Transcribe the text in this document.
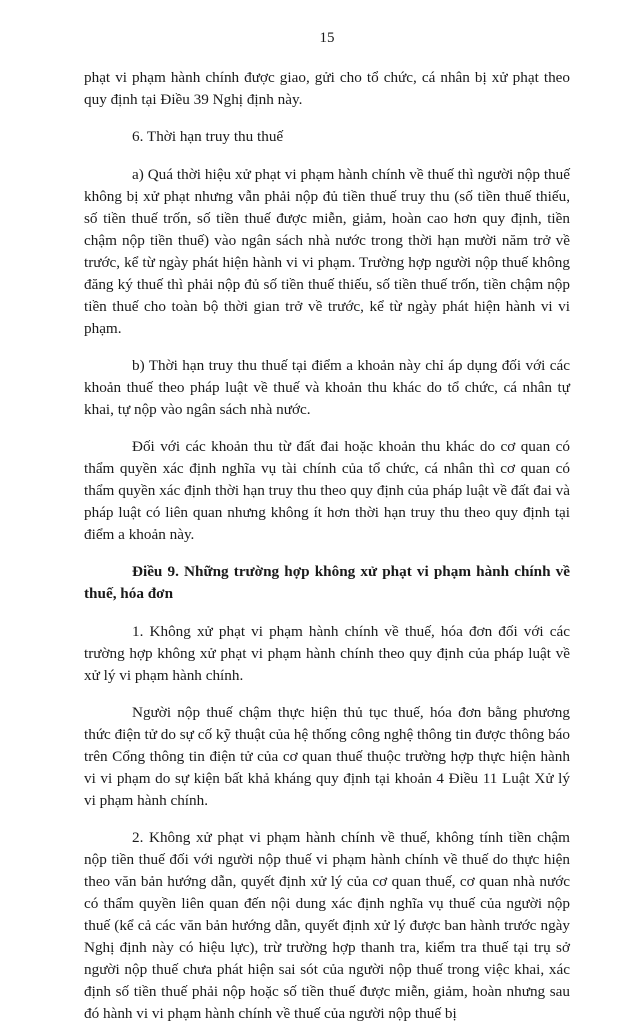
15

phạt vi phạm hành chính được giao, gửi cho tổ chức, cá nhân bị xử phạt theo quy định tại Điều 39 Nghị định này.

6. Thời hạn truy thu thuế

a) Quá thời hiệu xử phạt vi phạm hành chính về thuế thì người nộp thuế không bị xử phạt nhưng vẫn phải nộp đủ tiền thuế truy thu (số tiền thuế thiếu, số tiền thuế trốn, số tiền thuế được miễn, giảm, hoàn cao hơn quy định, tiền chậm nộp tiền thuế) vào ngân sách nhà nước trong thời hạn mười năm trở về trước, kể từ ngày phát hiện hành vi vi phạm. Trường hợp người nộp thuế không đăng ký thuế thì phải nộp đủ số tiền thuế thiếu, số tiền thuế trốn, tiền chậm nộp tiền thuế cho toàn bộ thời gian trở về trước, kể từ ngày phát hiện hành vi vi phạm.

b) Thời hạn truy thu thuế tại điểm a khoản này chỉ áp dụng đối với các khoản thuế theo pháp luật về thuế và khoản thu khác do tổ chức, cá nhân tự khai, tự nộp vào ngân sách nhà nước.

Đối với các khoản thu từ đất đai hoặc khoản thu khác do cơ quan có thẩm quyền xác định nghĩa vụ tài chính của tổ chức, cá nhân thì cơ quan có thẩm quyền xác định thời hạn truy thu theo quy định của pháp luật về đất đai và pháp luật có liên quan nhưng không ít hơn thời hạn truy thu theo quy định tại điểm a khoản này.

Điều 9. Những trường hợp không xử phạt vi phạm hành chính về thuế, hóa đơn

1. Không xử phạt vi phạm hành chính về thuế, hóa đơn đối với các trường hợp không xử phạt vi phạm hành chính theo quy định của pháp luật về xử lý vi phạm hành chính.

Người nộp thuế chậm thực hiện thủ tục thuế, hóa đơn bằng phương thức điện tử do sự cố kỹ thuật của hệ thống công nghệ thông tin được thông báo trên Cổng thông tin điện tử của cơ quan thuế thuộc trường hợp thực hiện hành vi vi phạm do sự kiện bất khả kháng quy định tại khoản 4 Điều 11 Luật Xử lý vi phạm hành chính.

2. Không xử phạt vi phạm hành chính về thuế, không tính tiền chậm nộp tiền thuế đối với người nộp thuế vi phạm hành chính về thuế do thực hiện theo văn bản hướng dẫn, quyết định xử lý của cơ quan thuế, cơ quan nhà nước có thẩm quyền liên quan đến nội dung xác định nghĩa vụ thuế của người nộp thuế (kể cả các văn bản hướng dẫn, quyết định xử lý được ban hành trước ngày Nghị định này có hiệu lực), trừ trường hợp thanh tra, kiểm tra thuế tại trụ sở người nộp thuế chưa phát hiện sai sót của người nộp thuế trong việc khai, xác định số tiền thuế phải nộp hoặc số tiền thuế được miễn, giảm, hoàn nhưng sau đó hành vi vi phạm hành chính về thuế của người nộp thuế bị
